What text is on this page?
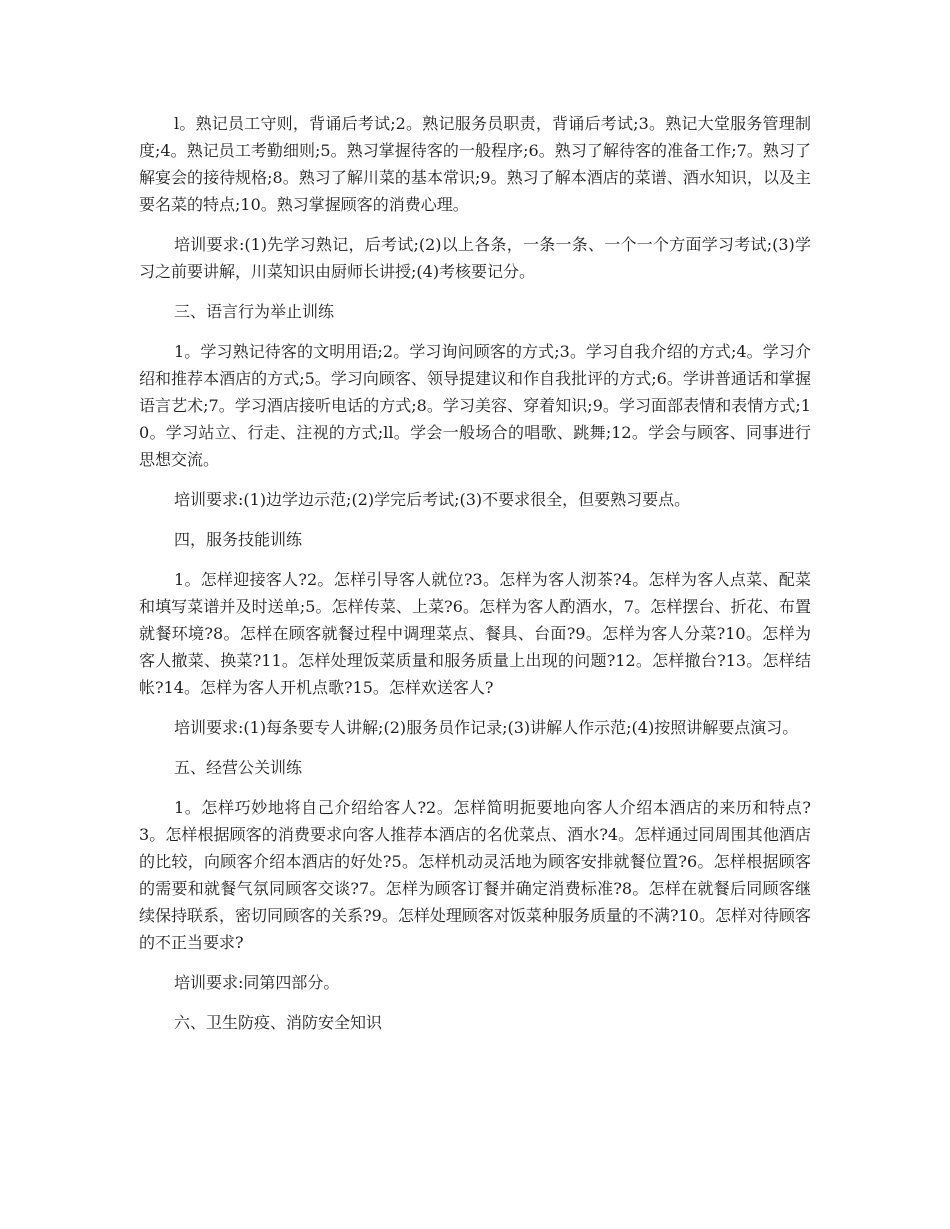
l。熟记员工守则，背诵后考试;2。熟记服务员职责，背诵后考试;3。熟记大堂服务管理制度;4。熟记员工考勤细则;5。熟习掌握待客的一般程序;6。熟习了解待客的准备工作;7。熟习了解宴会的接待规格;8。熟习了解川菜的基本常识;9。熟习了解本酒店的菜谱、酒水知识，以及主要名菜的特点;10。熟习掌握顾客的消费心理。

培训要求:(1)先学习熟记，后考试;(2)以上各条，一条一条、一个一个方面学习考试;(3)学习之前要讲解，川菜知识由厨师长讲授;(4)考核要记分。

三、语言行为举止训练

1。学习熟记待客的文明用语;2。学习询问顾客的方式;3。学习自我介绍的方式;4。学习介绍和推荐本酒店的方式;5。学习向顾客、领导提建议和作自我批评的方式;6。学讲普通话和掌握语言艺术;7。学习酒店接听电话的方式;8。学习美容、穿着知识;9。学习面部表情和表情方式;10。学习站立、行走、注视的方式;ll。学会一般场合的唱歌、跳舞;12。学会与顾客、同事进行思想交流。

培训要求:(1)边学边示范;(2)学完后考试;(3)不要求很全，但要熟习要点。

四，服务技能训练

1。怎样迎接客人?2。怎样引导客人就位?3。怎样为客人沏茶?4。怎样为客人点菜、配菜和填写菜谱并及时送单;5。怎样传菜、上菜?6。怎样为客人酌酒水，7。怎样摆台、折花、布置就餐环境?8。怎样在顾客就餐过程中调理菜点、餐具、台面?9。怎样为客人分菜?10。怎样为客人撤菜、换菜?11。怎样处理饭菜质量和服务质量上出现的问题?12。怎样撤台?13。怎样结帐?14。怎样为客人开机点歌?15。怎样欢送客人?

培训要求:(1)每条要专人讲解;(2)服务员作记录;(3)讲解人作示范;(4)按照讲解要点演习。

五、经营公关训练

1。怎样巧妙地将自己介绍给客人?2。怎样简明扼要地向客人介绍本酒店的来历和特点?3。怎样根据顾客的消费要求向客人推荐本酒店的名优菜点、酒水?4。怎样通过同周围其他酒店的比较，向顾客介绍本酒店的好处?5。怎样机动灵活地为顾客安排就餐位置?6。怎样根据顾客的需要和就餐气氛同顾客交谈?7。怎样为顾客订餐并确定消费标准?8。怎样在就餐后同顾客继续保持联系，密切同顾客的关系?9。怎样处理顾客对饭菜种服务质量的不满?10。怎样对待顾客的不正当要求?

培训要求:同第四部分。

六、卫生防疫、消防安全知识
